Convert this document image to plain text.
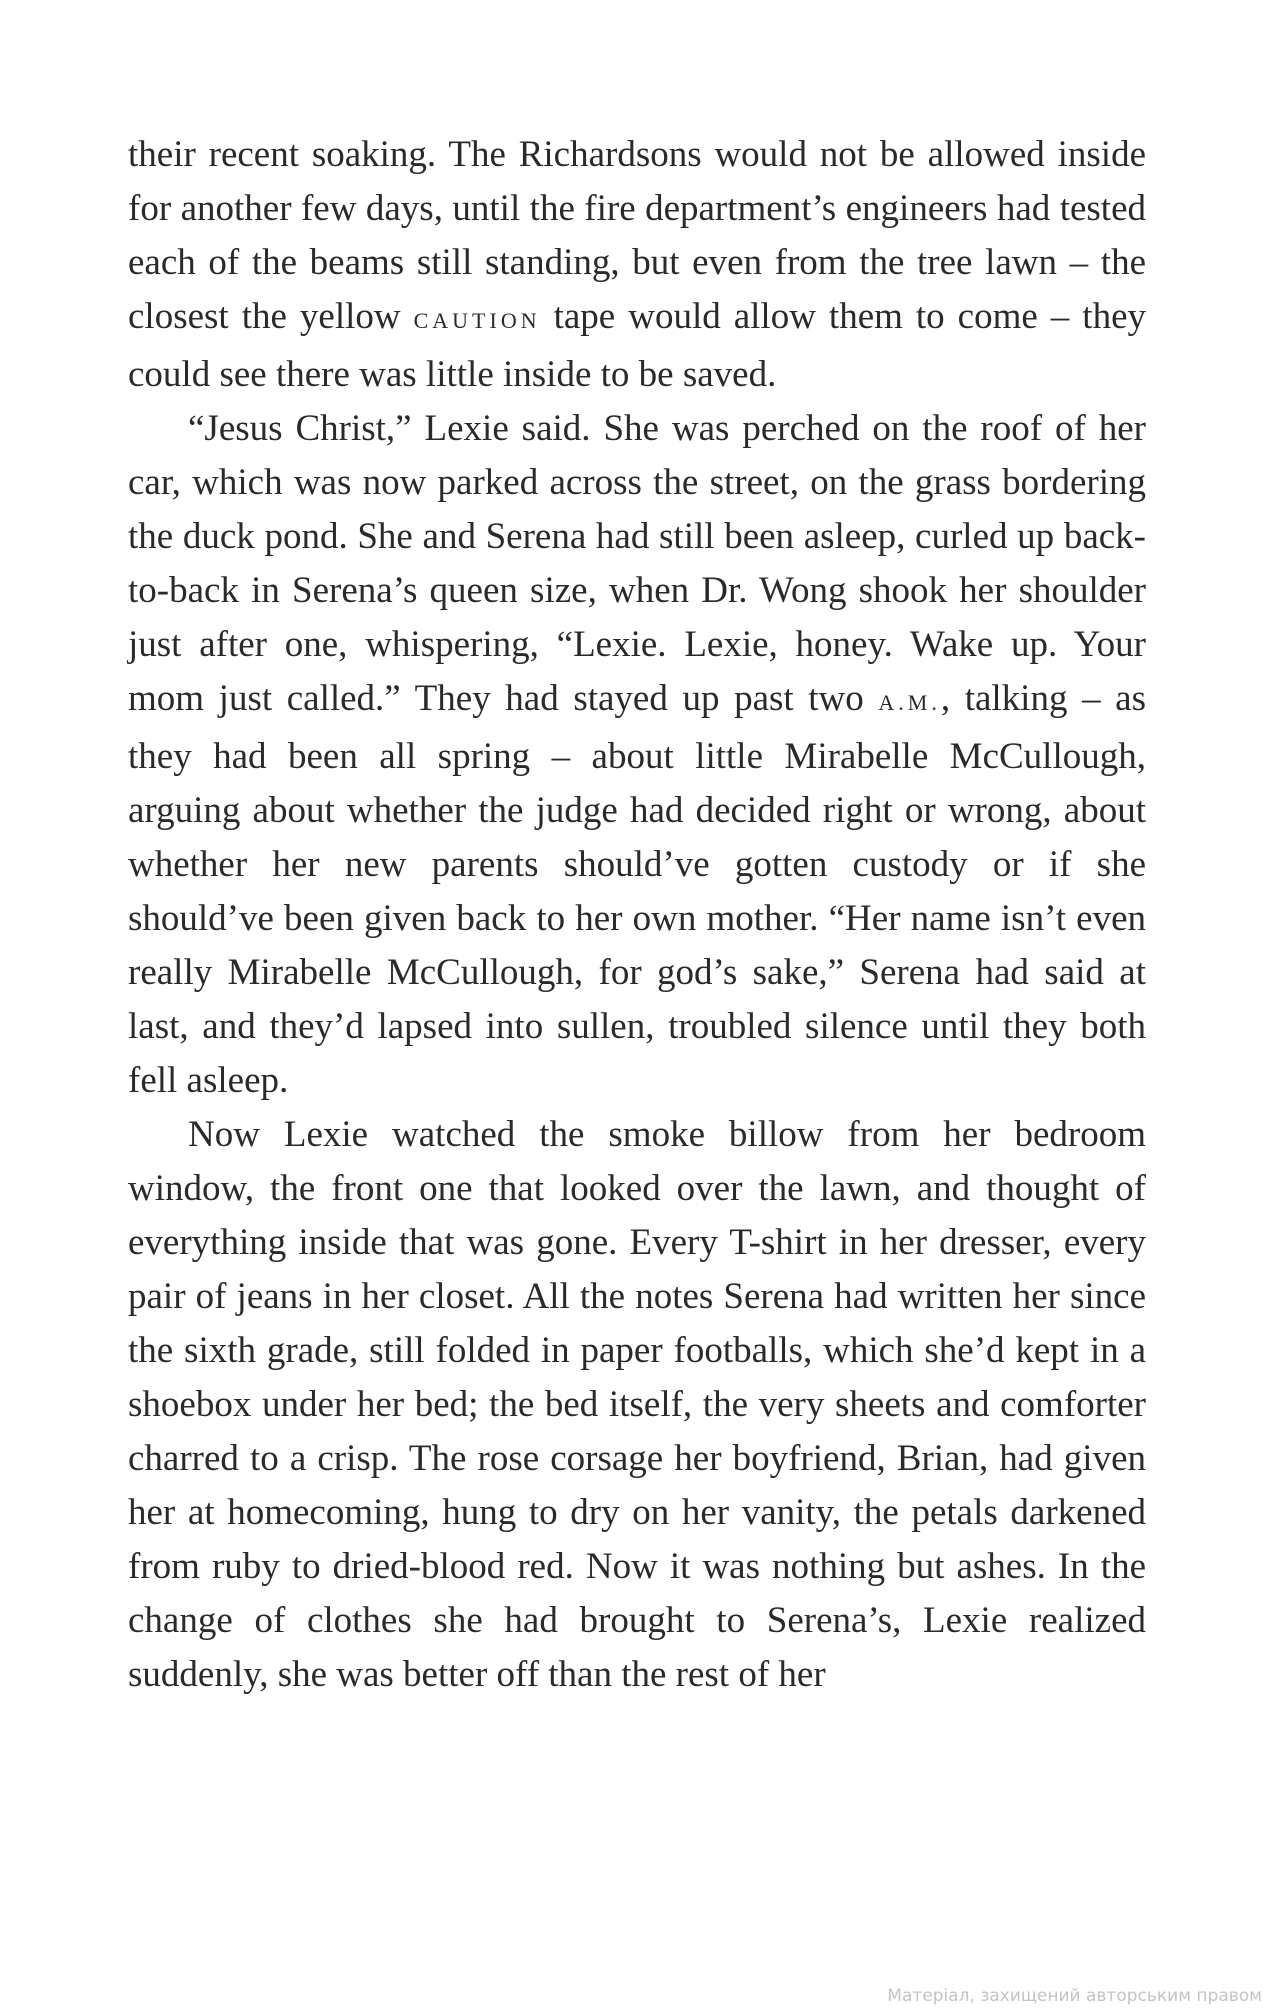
their recent soaking. The Richardsons would not be allowed inside for another few days, until the fire department’s engineers had tested each of the beams still standing, but even from the tree lawn – the closest the yellow CAUTION tape would allow them to come – they could see there was little inside to be saved.

“Jesus Christ,” Lexie said. She was perched on the roof of her car, which was now parked across the street, on the grass bordering the duck pond. She and Serena had still been asleep, curled up back-to-back in Serena’s queen size, when Dr. Wong shook her shoulder just after one, whispering, “Lexie. Lexie, honey. Wake up. Your mom just called.” They had stayed up past two A.M., talking – as they had been all spring – about little Mirabelle McCullough, arguing about whether the judge had decided right or wrong, about whether her new parents should’ve gotten custody or if she should’ve been given back to her own mother. “Her name isn’t even really Mirabelle McCullough, for god’s sake,” Serena had said at last, and they’d lapsed into sullen, troubled silence until they both fell asleep.

Now Lexie watched the smoke billow from her bedroom window, the front one that looked over the lawn, and thought of everything inside that was gone. Every T-shirt in her dresser, every pair of jeans in her closet. All the notes Serena had written her since the sixth grade, still folded in paper footballs, which she’d kept in a shoebox under her bed; the bed itself, the very sheets and comforter charred to a crisp. The rose corsage her boyfriend, Brian, had given her at homecoming, hung to dry on her vanity, the petals darkened from ruby to dried-blood red. Now it was nothing but ashes. In the change of clothes she had brought to Serena’s, Lexie realized suddenly, she was better off than the rest of her

Матеріал, захищений авторським правом
